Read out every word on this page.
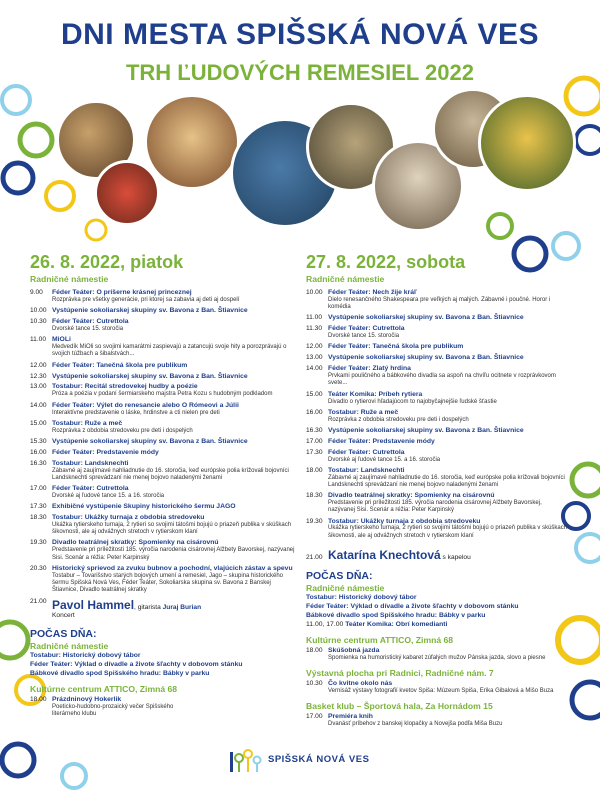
DNI MESTA SPIŠSKÁ NOVÁ VES
TRH ĽUDOVÝCH REMESIEL 2022
26. 8. 2022, piatok
Radničné námestie
9.00	Féder Teáter: O príšerne krásnej princeznej
Rozprávka pre všetky generácie, pri ktorej sa zabavia aj deti aj dospelí
10.00 Vystúpenie sokoliarskej skupiny sv. Bavona z Ban. Štiavnice
10.30 Féder Teáter: Cutrettola
Dvorské tance 15. storočia
11.00 MiOLi
Medvedík MiOli so svojimi kamarátmi zaspievajú a zatancujú svoje hity a porozprávajú o svojich túžbach a šibalstvách...
12.00 Féder Teáter: Tanečná škola pre publikum
12.30 Vystúpenie sokoliarskej skupiny sv. Bavona z Ban. Štiavnice
13.00 Tostabur: Recitál stredovekej hudby a poézie
Próza a poézia v podaní šermiarskeho majstra Petra Kozu s hudobným podkladom
14.00 Féder Teáter: Výlet do renesancie alebo O Rómeovi a Júlii
Interaktívne predstavenie o láske, hrdinstve a cti nielen pre deti
15.00 Tostabur: Ruže a meč
Rozprávka z obdobia stredoveku pre deti i dospelých
15.30 Vystúpenie sokoliarskej skupiny sv. Bavona z Ban. Štiavnice
16.00 Féder Teáter: Predstavenie módy
16.30 Tostabur: Landsknechti
Zábavné aj zaujímavé nahliadnutie do 16. storočia, keď európske polia krížovali bojovníci Landsknechti sprevádzaní nie menej bojovo naladenými ženami
17.00 Féder Teáter: Cutrettola
Dvorské aj ľudové tance 15. a 16. storočia
17.30 Exhibičné vystúpenie Skupiny historického šermu JAGO
18.30 Tostabur: Ukážky turnaja z obdobia stredoveku
Ukážka rytierskeho turnaja, 2 rytieri so svojimi tátošmi bojujú o priazeň publika v skúškach šikovnosti, ale aj odvážnych stretoch v rytierskom klaní
19.30 Divadlo teatrálnej skratky: Spomienky na cisárovnú
Predstavenie pri príležitosti 185. výročia narodenia cisárovnej Alžbety Bavorskej, nazývanej Sisi. Scenár a réžia: Peter Karpinský
20.30 Historický sprievod za zvuku bubnov a pochodní, vlajúcich zástav a spevu
Tostabur – Tovarišstvo starých bojových umení a remesiel, Jago – skupina historického šermu Spišská Nová Ves, Féder Teáter, Sokoliarska skupina sv. Bavona z Banskej Štiavnice, Divadlo teatrálnej skratky
21.00 Pavol Hammel, gitarista Juraj Burian
Koncert
POČAS DŇA:
Radničné námestie
Tostabur: Historický dobový tábor
Féder Teáter: Výklad o dívadle a živote šľachty v dobovom stánku
Bábkové divadlo spod Spišského hradu: Bábky v parku
Kultúrne centrum ATTICO, Zimná 68
18.00 Prázdninový Hokerlik
Poeticko-hudobno-prozaický večer Spišského literárneho klubu
27. 8. 2022, sobota
Radničné námestie
10.00 Féder Teáter: Nech žije kráľ
Dielo renesančného Shakespeara pre veľkých aj malých. Zábavné i poučné. Horor i komédia
11.00 Vystúpenie sokoliarskej skupiny sv. Bavona z Ban. Štiavnice
11.30 Féder Teáter: Cutrettola
Dvorské tance 15. storočia
12.00 Féder Teáter: Tanečná škola pre publikum
13.00 Vystúpenie sokoliarskej skupiny sv. Bavona z Ban. Štiavnice
14.00 Féder Teáter: Zlatý hrdina
Prvkami pouličného a bábkového divadla sa aspoň na chvíľu ocitnete v rozprávkovom svete...
15.00 Teáter Komika: Príbeh rytiera
Divadlo o rytierovi hľadajúcom to najobyčajnejšie ľudské šťastie
16.00 Tostabur: Ruže a meč
Rozprávka z obdobia stredoveku pre deti i dospelých
16.30 Vystúpenie sokoliarskej skupiny sv. Bavona z Ban. Štiavnice
17.00 Féder Teáter: Predstavenie módy
17.30 Féder Teáter: Cutrettola
Dvorské aj ľudové tance 15. a 16. storočia
18.00 Tostabur: Landsknechti
Zábavné aj zaujímavé nahliadnutie do 16. storočia, keď európske polia krížovali bojovníci Landsknechti sprevádzaní nie menej bojovo naladenými ženami
18.30 Divadlo teatrálnej skratky: Spomienky na cisárovnú
Predstavenie pri príležitosti 185. výročia narodenia cisárovnej Alžbety Bavorskej, nazývanej Sisi. Scenár a réžia: Peter Karpinský
19.30 Tostabur: Ukážky turnaja z obdobia stredoveku
Ukážka rytierskeho turnaja, 2 rytieri so svojimi tátošmi bojujú o priazeň publika v skúškach šikovnosti, ale aj odvážnych stretoch v rytierskom klaní
21.00 Katarína Knechtová s kapelou
POČAS DŇA:
Radničné námestie
Tostabur: Historický dobový tábor
Féder Teáter: Výklad o dívadle a živote šľachty v dobovom stánku
Bábkové divadlo spod Spišského hradu: Bábky v parku
11.00, 17.00 Teáter Komika: Obrí komedianti
Kultúrne centrum ATTICO, Zimná 68
18.00 Skúšobná jazda
Spomienka na humoristický kabaret zúfalých mužov Pánska jazda, slovo a piesne
Výstavná plocha pri Radnici, Radničné nám. 7
10.30 Čo kvitne okolo nás
Vernisáž výstavy fotografií kvetov Spiša: Múzeum Spiša, Erika Gibalová a Mišo Buza
Basket klub – Športová hala, Za Hornádom 15
17.00 Premiéra knih
Dvanásť príbehov z banskej klopačky a Novejša podľa Miša Buzu
SPIŠSKÁ NOVÁ VES
